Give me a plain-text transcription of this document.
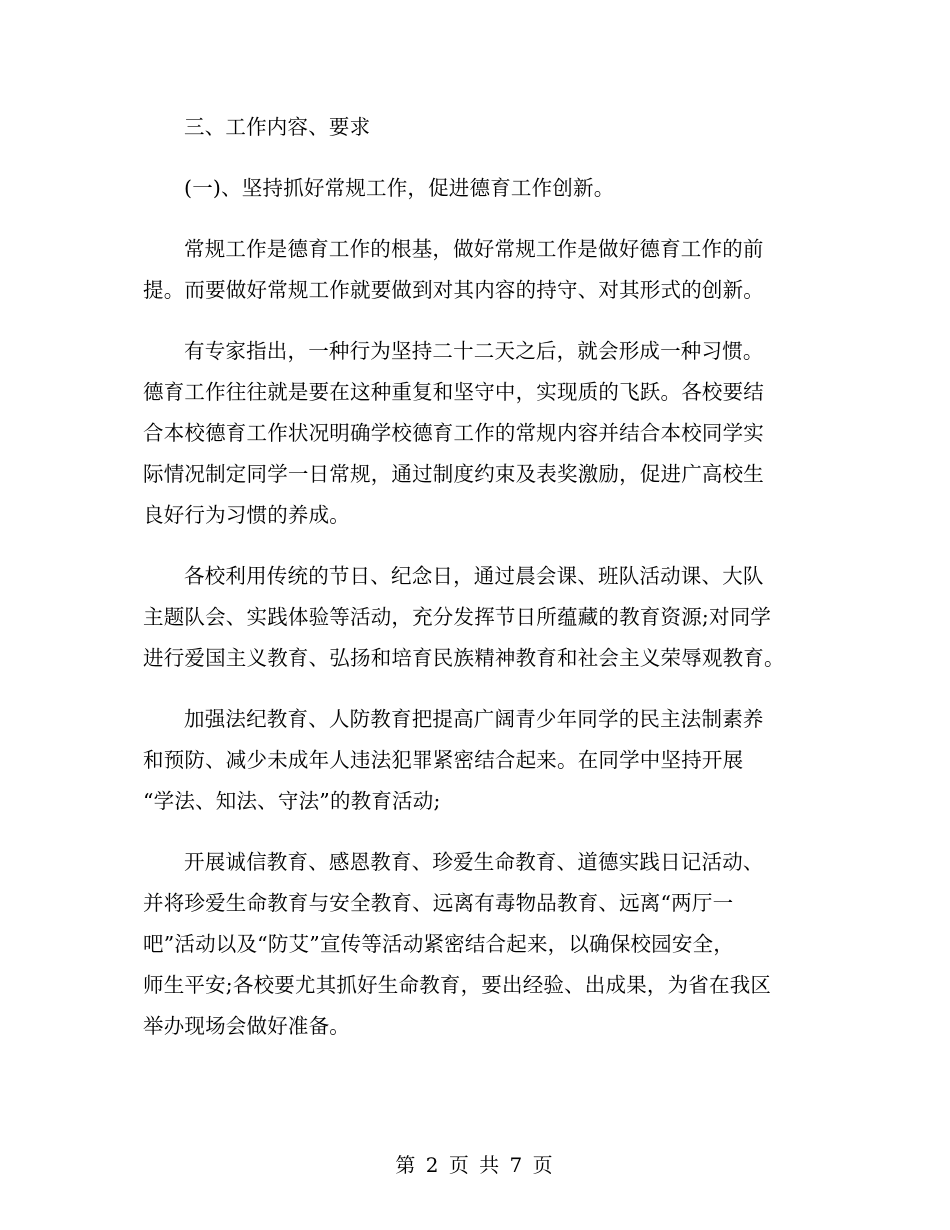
三、工作内容、要求
(一)、坚持抓好常规工作，促进德育工作创新。
常规工作是德育工作的根基，做好常规工作是做好德育工作的前
提。而要做好常规工作就要做到对其内容的持守、对其形式的创新。
有专家指出，一种行为坚持二十二天之后，就会形成一种习惯。
德育工作往往就是要在这种重复和坚守中，实现质的飞跃。各校要结
合本校德育工作状况明确学校德育工作的常规内容并结合本校同学实
际情况制定同学一日常规，通过制度约束及表奖激励，促进广高校生
良好行为习惯的养成。
各校利用传统的节日、纪念日，通过晨会课、班队活动课、大队
主题队会、实践体验等活动，充分发挥节日所蕴藏的教育资源;对同学
进行爱国主义教育、弘扬和培育民族精神教育和社会主义荣辱观教育。
加强法纪教育、人防教育把提高广阔青少年同学的民主法制素养
和预防、减少未成年人违法犯罪紧密结合起来。在同学中坚持开展
“学法、知法、守法”的教育活动;
开展诚信教育、感恩教育、珍爱生命教育、道德实践日记活动、
并将珍爱生命教育与安全教育、远离有毒物品教育、远离“两厅一
吧”活动以及“防艾”宣传等活动紧密结合起来，以确保校园安全，
师生平安;各校要尤其抓好生命教育，要出经验、出成果，为省在我区
举办现场会做好准备。
第 2 页 共 7 页
